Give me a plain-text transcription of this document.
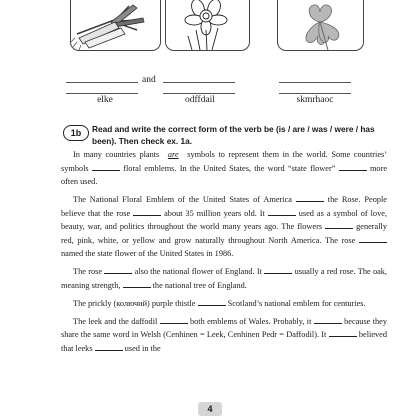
and
elke	odffdail	skmrhaoc
1b	Read and write the correct form of the verb be (is / are / was / were / has been). Then check ex. 1a.

In many countries plants are symbols to represent them in the world. Some countries’ symbols	floral emblems. In the United States, the word “state flower”	more often used.

The National Floral Emblem of the United States of America	the Rose. People believe that the rose	about 35 million years old. It	used as a symbol of love, beauty, war, and politics throughout the world many years ago. The flowers	generally red, pink, white, or yellow and grow naturally throughout North America. The rose  named the state flower of the United States in 1986.

The rose	also the national flower of England. It	usually a red rose. The oak, meaning strength,	the national tree of England.

The prickly (колючий) purple thistle	Scotland’s national emblem for centuries.

The leek and the daffodil	both emblems of Wales. Probably, it	because they share the same word in Welsh (Cenhinen = Leek, Cenhinen Pedr = Daffodil). It	believed that leeks	used in the

4
